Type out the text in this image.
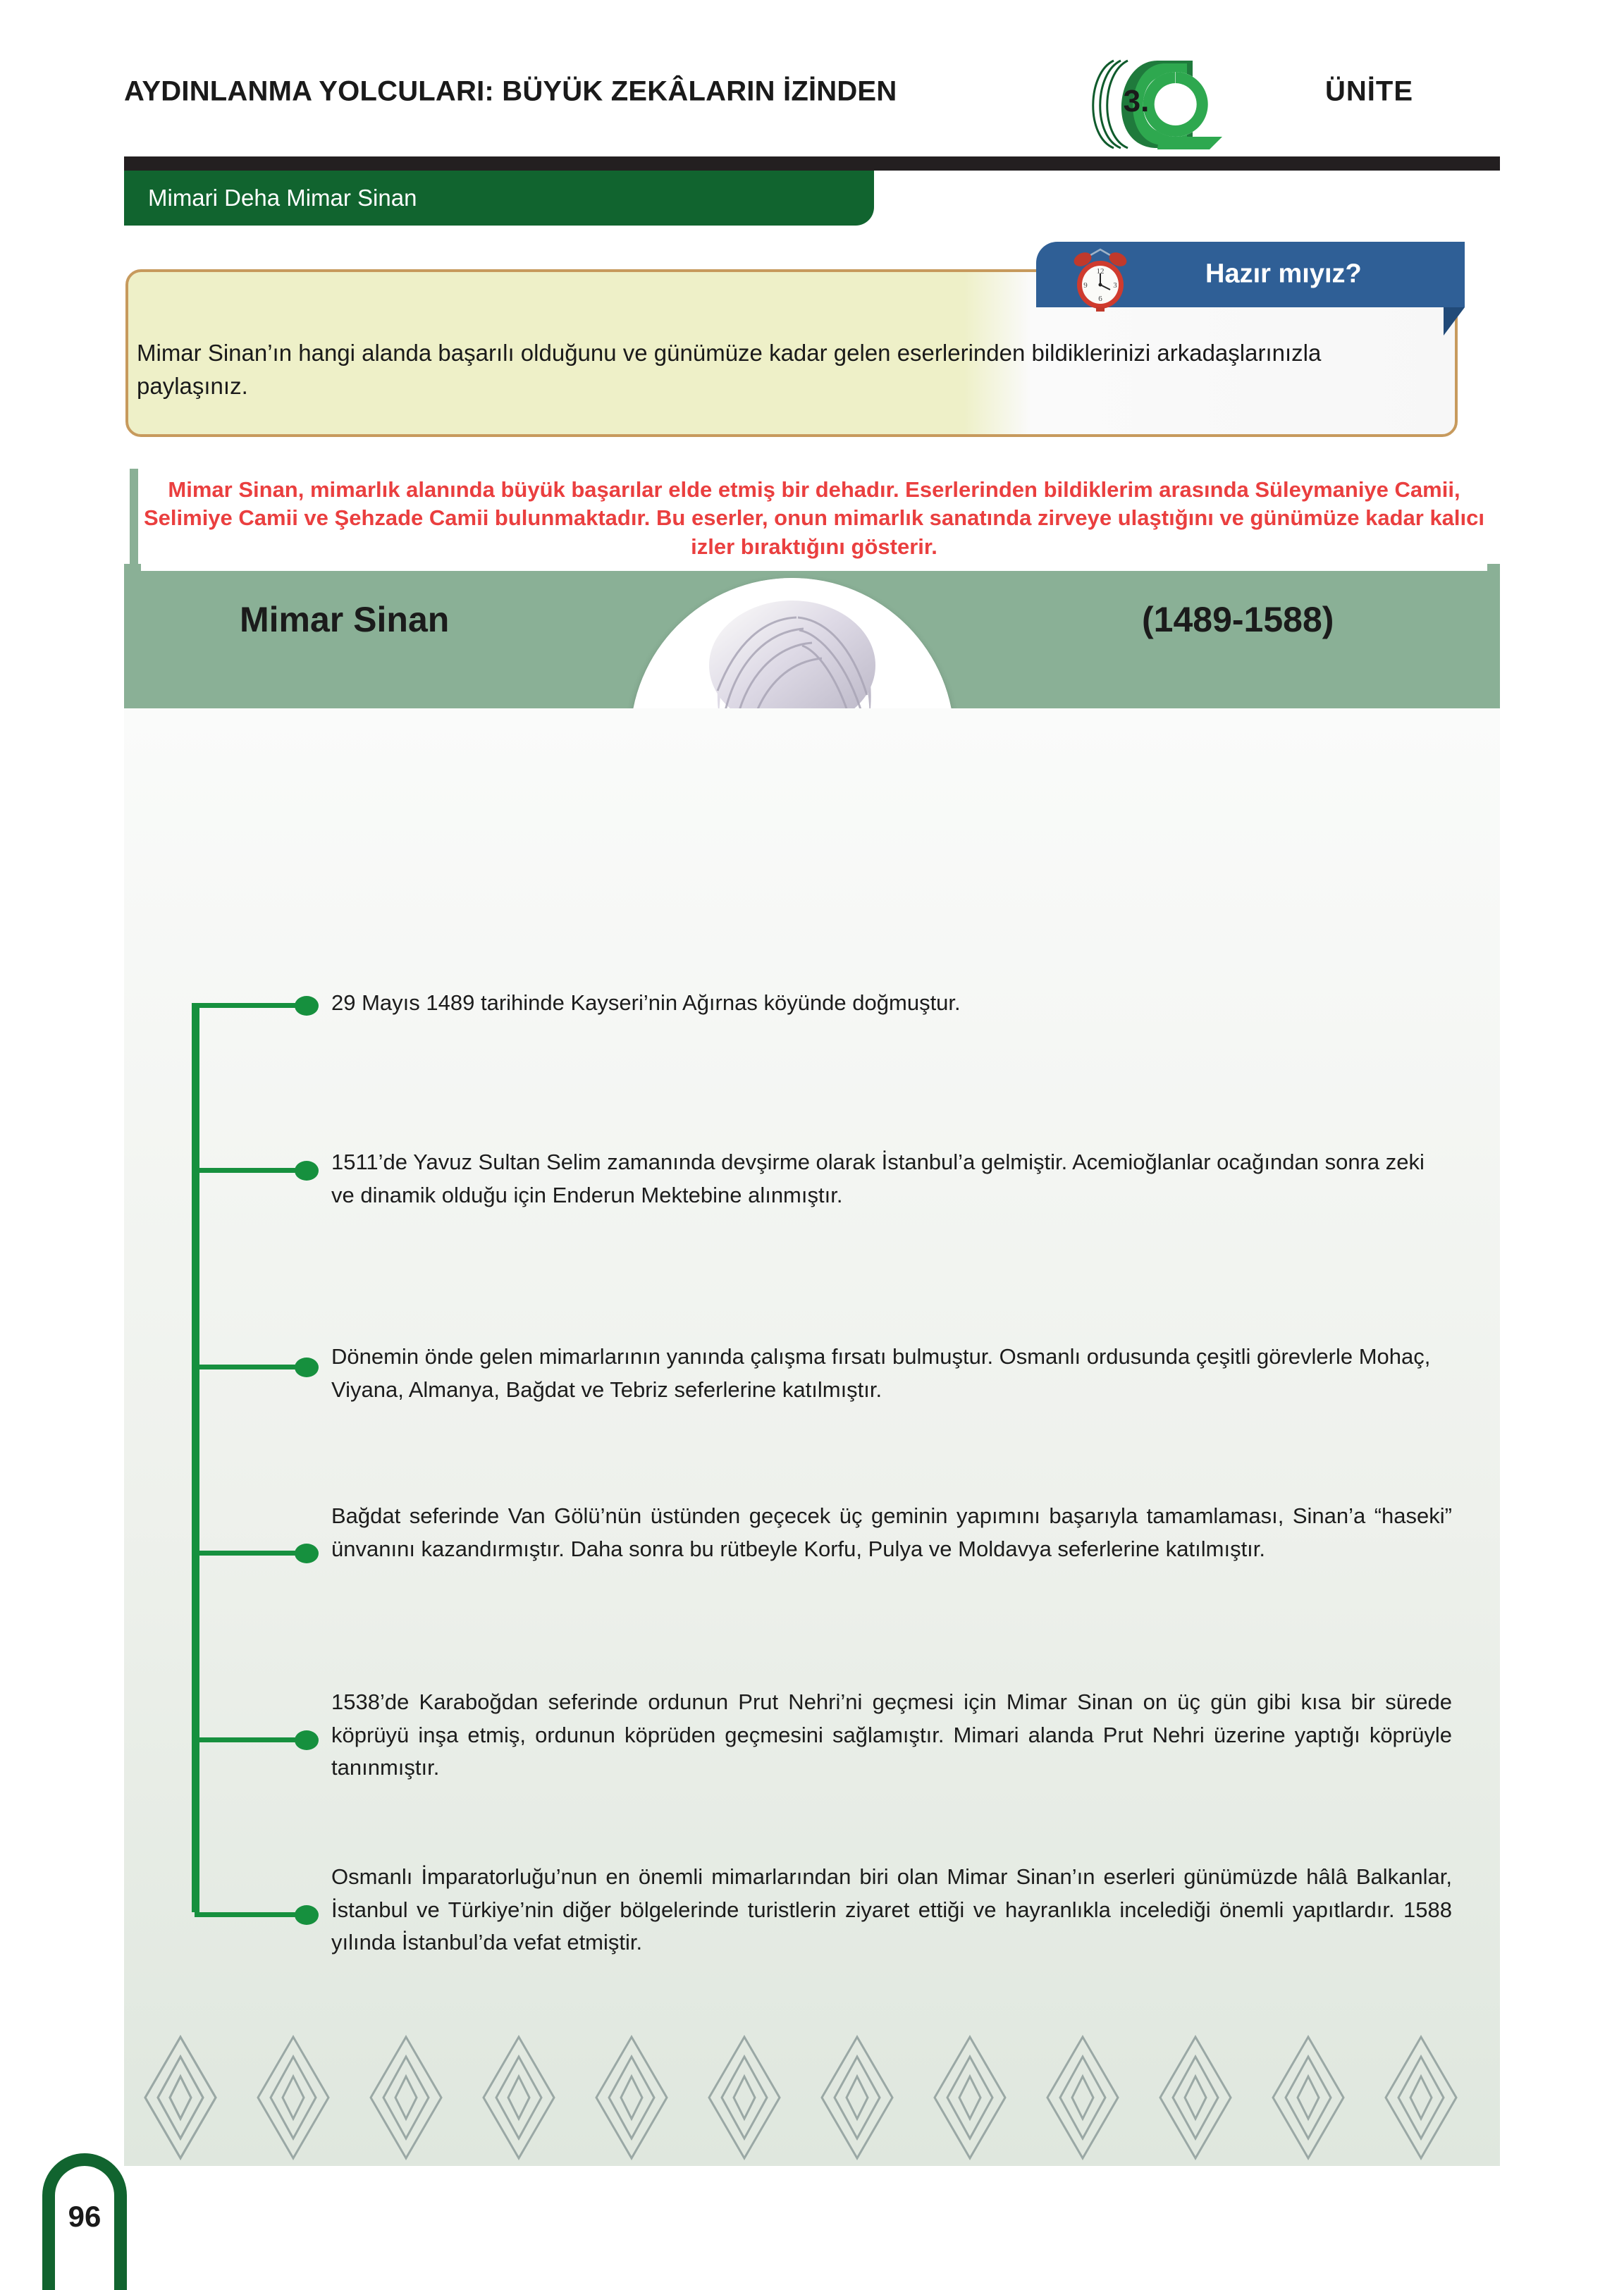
AYDINLANMA YOLCULARI: BÜYÜK ZEKÂLARIN İZİNDEN	3.	ÜNİTE
Mimari Deha Mimar Sinan
Hazır mıyız?
12
3
6
9
Mimar Sinan’ın hangi alanda başarılı olduğunu ve günümüze kadar gelen eserlerinden bildiklerinizi arkadaşlarınızla paylaşınız.
Mimar Sinan	(1489-1588)
Mimar Sinan, mimarlık alanında büyük başarılar elde etmiş bir dehadır. Eserlerinden bildiklerim arasında Süleymaniye Camii, Selimiye Camii ve Şehzade Camii bulunmaktadır. Bu eserler, onun mimarlık sanatında zirveye ulaştığını ve günümüze kadar kalıcı izler bıraktığını gösterir.
29 Mayıs 1489 tarihinde Kayseri’nin Ağırnas köyünde doğmuştur.
1511’de Yavuz Sultan Selim zamanında devşirme olarak İstanbul’a gelmiştir. Acemioğlanlar ocağından sonra zeki ve dinamik olduğu için Enderun Mektebine alınmıştır.
Dönemin önde gelen mimarlarının yanında çalışma fırsatı bulmuştur. Osmanlı ordusunda çeşitli görevlerle Mohaç, Viyana, Almanya, Bağdat ve Tebriz seferlerine katılmıştır.
Bağdat seferinde Van Gölü’nün üstünden geçecek üç geminin yapımını başarıyla tamamlaması, Sinan’a “haseki” ünvanını kazandırmıştır. Daha sonra bu rütbeyle Korfu, Pulya ve Moldavya seferlerine katılmıştır.
1538’de Karaboğdan seferinde ordunun Prut Nehri’ni geçmesi için Mimar Sinan on üç gün gibi kısa bir sürede köprüyü inşa etmiş, ordunun köprüden geçmesini sağlamıştır. Mimari alanda Prut Nehri üzerine yaptığı köprüyle tanınmıştır.
Osmanlı İmparatorluğu’nun en önemli mimarlarından biri olan Mimar Sinan’ın eserleri günümüzde hâlâ Balkanlar, İstanbul ve Türkiye’nin diğer bölgelerinde turistlerin ziyaret ettiği ve hayranlıkla incelediği önemli yapıtlardır. 1588 yılında İstanbul’da vefat etmiştir.
96
